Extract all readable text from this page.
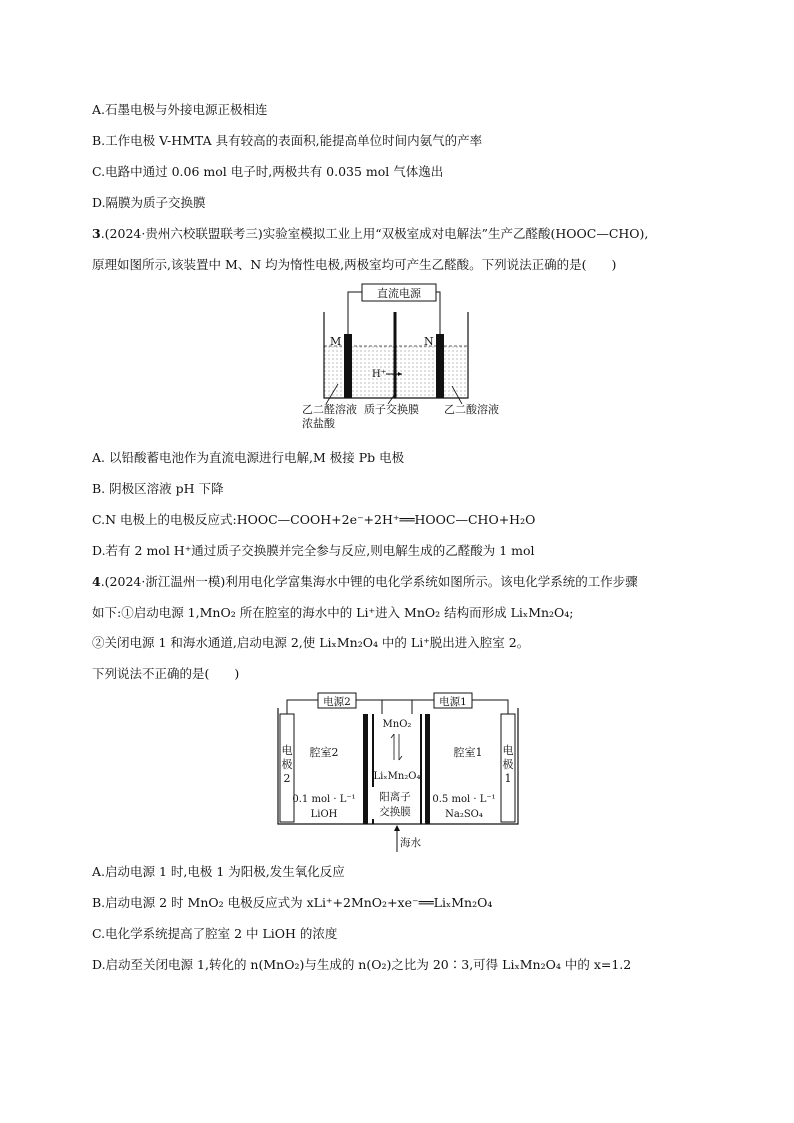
A.石墨电极与外接电源正极相连
B.工作电极 V-HMTA 具有较高的表面积,能提高单位时间内氨气的产率
C.电路中通过 0.06 mol 电子时,两极共有 0.035 mol 气体逸出
D.隔膜为质子交换膜
3.(2024·贵州六校联盟联考三)实验室模拟工业上用“双极室成对电解法”生产乙醛酸(HOOC—CHO),
原理如图所示,该装置中 M、N 均为惰性电极,两极室均可产生乙醛酸。下列说法正确的是(　　)
直流电源
M	N
H⁺
乙二醛溶液
浓盐酸
质子交换膜 乙二酸溶液
A. 以铅酸蓄电池作为直流电源进行电解,M 极接 Pb 电极
B. 阴极区溶液 pH 下降
C.N 电极上的电极反应式:HOOC—COOH+2e⁻+2H⁺══HOOC—CHO+H₂O
D.若有 2 mol H⁺通过质子交换膜并完全参与反应,则电解生成的乙醛酸为 1 mol
4.(2024·浙江温州一模)利用电化学富集海水中锂的电化学系统如图所示。该电化学系统的工作步骤
如下:①启动电源 1,MnO₂ 所在腔室的海水中的 Li⁺进入 MnO₂ 结构而形成 LiₓMn₂O₄;
②关闭电源 1 和海水通道,启动电源 2,使 LiₓMn₂O₄ 中的 Li⁺脱出进入腔室 2。
下列说法不正确的是(　　)
电源2	电源1
电
极
2
电
极
1
腔室2	腔室1
MnO₂
LiₓMn₂O₄
0.1 mol · L⁻¹
LiOH
0.5 mol · L⁻¹
Na₂SO₄
阳离子
交换膜
海水
A.启动电源 1 时,电极 1 为阳极,发生氧化反应
B.启动电源 2 时 MnO₂ 电极反应式为 xLi⁺+2MnO₂+xe⁻══LiₓMn₂O₄
C.电化学系统提高了腔室 2 中 LiOH 的浓度
D.启动至关闭电源 1,转化的 n(MnO₂)与生成的 n(O₂)之比为 20∶3,可得 LiₓMn₂O₄ 中的 x=1.2
